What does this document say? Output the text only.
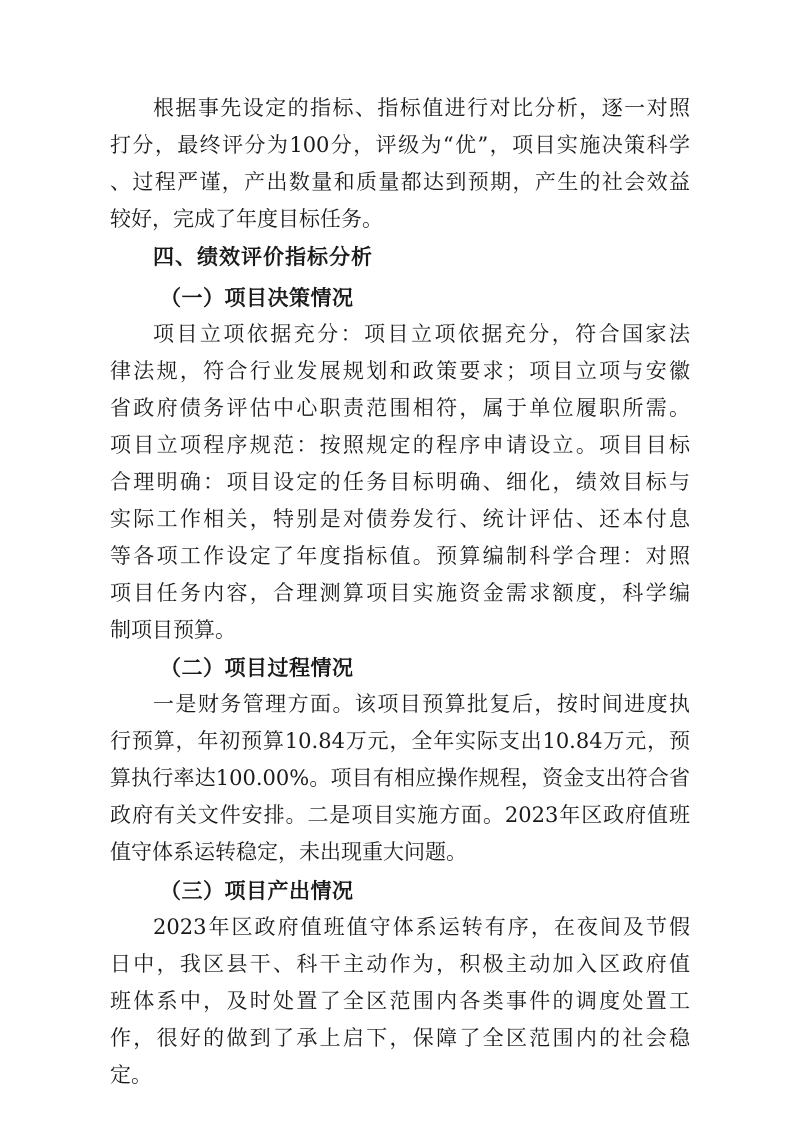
根据事先设定的指标、指标值进行对比分析，逐一对照
打分，最终评分为100分，评级为“优”，项目实施决策科学
、过程严谨，产出数量和质量都达到预期，产生的社会效益
较好，完成了年度目标任务。
四、绩效评价指标分析
（一）项目决策情况
项目立项依据充分：项目立项依据充分，符合国家法
律法规，符合行业发展规划和政策要求；项目立项与安徽
省政府债务评估中心职责范围相符，属于单位履职所需。
项目立项程序规范：按照规定的程序申请设立。项目目标
合理明确：项目设定的任务目标明确、细化，绩效目标与
实际工作相关，特别是对债券发行、统计评估、还本付息
等各项工作设定了年度指标值。预算编制科学合理：对照
项目任务内容，合理测算项目实施资金需求额度，科学编
制项目预算。
（二）项目过程情况
一是财务管理方面。该项目预算批复后，按时间进度执
行预算，年初预算10.84万元，全年实际支出10.84万元，预
算执行率达100.00%。项目有相应操作规程，资金支出符合省
政府有关文件安排。二是项目实施方面。2023年区政府值班
值守体系运转稳定，未出现重大问题。
（三）项目产出情况
2023年区政府值班值守体系运转有序，在夜间及节假
日中，我区县干、科干主动作为，积极主动加入区政府值
班体系中，及时处置了全区范围内各类事件的调度处置工
作，很好的做到了承上启下，保障了全区范围内的社会稳
定。
